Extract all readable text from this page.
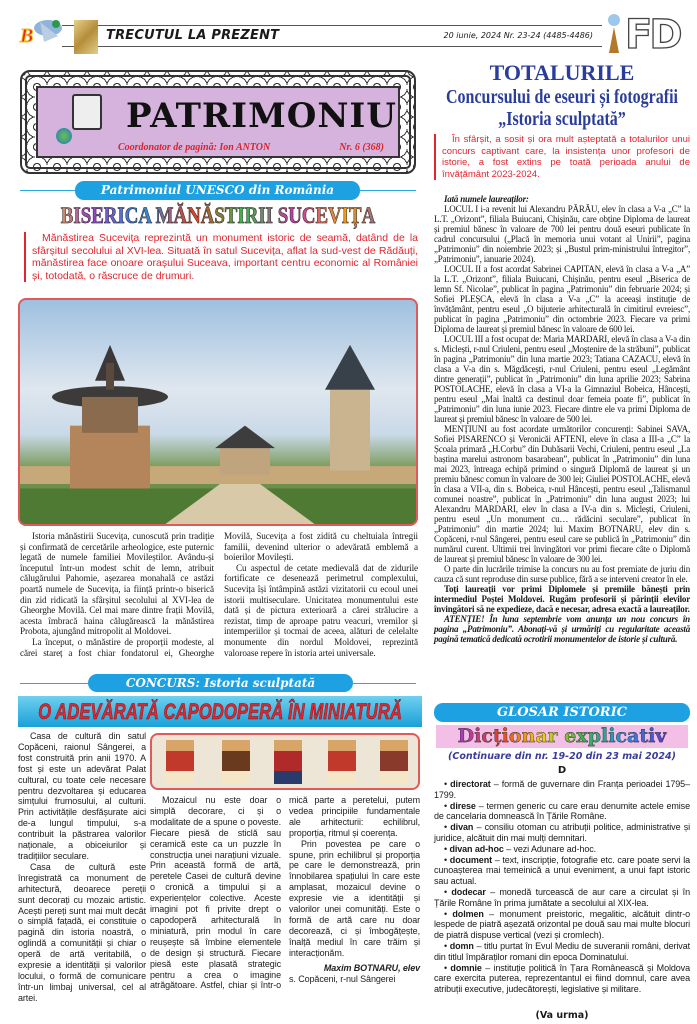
B	TRECUTUL LA PREZENT	20 iunie, 2024 Nr. 23-24 (4485-4486) FD
PATRIMONIU
Coordonator de pagină: Ion ANTON	Nr. 6 (368)
Patrimoniul UNESCO din România
BISERICA MĂNĂSTIRII SUCEVIȚA
Mănăstirea Sucevița reprezintă un monument istoric de seamă, datând de la sfârșitul secolului al XVI-lea. Situată în satul Sucevița, aflat la sud-vest de Rădăuți, mănăstirea face onoare orașului Suceava, important centru economic al României și, totodată, o răscruce de drumuri.

Istoria mănăstirii Sucevița, cunoscută prin tradiție și confirmată de cercetările arheologice, este puternic legată de numele familiei Movileștilor. Avându-și începutul într-un modest schit de lemn, atribuit călugărului Pahomie, așezarea monahală ce astăzi poartă numele de Sucevița, ia ființă printr-o biserică din zid ridicată la sfârșitul secolului al XVI-lea de Gheorghe Movilă. Cel mai mare dintre frații Movilă, acesta îmbracă haina călugărească la mănăstirea Probota, ajungând mitropolit al Moldovei.

La început, o mănăstire de proporții modeste, al cărei stareț a fost chiar fondatorul ei, Gheorghe Movilă, Sucevița a fost zidită cu cheltuiala întregii familii, devenind ulterior o adevărată emblemă a boierilor Movilești.

Cu aspectul de cetate medievală dat de zidurile fortificate ce desenează perimetrul complexului, Sucevița își întâmpină astăzi vizitatorii cu ecoul unei istorii multiseculare. Unicitatea monumentului este dată și de pictura exterioară a cărei strălucire a rezistat, timp de aproape patru veacuri, vremilor și intemperiilor și tocmai de aceea, alături de celelalte monumente din nordul Moldovei, reprezintă valoroase repere în istoria artei universale.

CONCURS: Istoria sculptată
O ADEVĂRATĂ CAPODOPERĂ ÎN MINIATURĂ

Casa de cultură din satul Copăceni, raionul Sângerei, a fost construită prin anii 1970. A fost și este un adevărat Palat cultural, cu toate cele necesare pentru dezvoltarea și educarea simțului frumosului, al culturii. Prin activitățile desfășurate aici de-a lungul timpului, s-a contribuit la păstrarea valorilor naționale, a obiceiurilor și tradițiilor seculare.

Casa de cultură este înregistrată ca monument de arhitectură, deoarece pereții sunt decorați cu mozaic artistic. Acești pereți sunt mai mult decât o simplă fațadă, ei constituie o pagină din istoria noastră, o oglindă a comunității și chiar o operă de artă veritabilă, o expresie a identității și valorilor locului, o formă de comunicare într-un limbaj universal, cel al artei.

Mozaicul nu este doar o simplă decorare, ci și o modalitate de a spune o poveste. Fiecare piesă de sticlă sau ceramică este ca un puzzle în construcția unei narațiuni vizuale. Prin această formă de artă, peretele Casei de cultură devine o cronică a timpului și a experiențelor colective. Aceste imagini pot fi privite drept o capodoperă arhitecturală în miniatură, prin modul în care reușește să îmbine elementele de design și structură. Fiecare piesă este plasată strategic pentru a crea o imagine atrăgătoare. Astfel, chiar și într-o mică parte a peretelui, putem vedea principiile fundamentale ale arhitecturii: echilibrul, proporția, ritmul și coerența.

Prin povestea pe care o spune, prin echilibrul și proporția pe care le demonstrează, prin înnobilarea spațiului în care este amplasat, mozaicul devine o expresie vie a identității și valorilor unei comunități. Este o formă de artă care nu doar decorează, ci și îmbogățește, înalță mediul în care trăim și interacționăm.

Maxim BOTNARU, elev

s. Copăceni, r-nul Sângerei

TOTALURILE
Concursului de eseuri și fotografii „Istoria sculptată”
În sfârșit, a sosit și ora mult așteptată a totalurilor unui concurs captivant care, la insistența unor profesori de istorie, a fost extins pe toată perioada anului de învățământ 2023-2024.

Iată numele laureaților:

LOCUL I i-a revenit lui Alexandru PĂRĂU, elev în clasa a V-a „C” la L.T. „Orizont”, filiala Buiucani, Chișinău, care obține Diploma de laureat și premiul bănesc în valoare de 700 lei pentru două eseuri publicate în cadrul concursului („Placă în memoria unui votant al Unirii”, pagina „Patrimoniu” din noiembrie 2023; și „Bustul prim-ministrului întregitor”, „Patrimoniu”, ianuarie 2024).

LOCUL II a fost acordat Sabrinei CAPITAN, elevă în clasa a V-a „A” la L.T. „Orizont”, filiala Buiucani, Chișinău, pentru eseul „Biserica de lemn Sf. Nicolae”, publicat în pagina „Patrimoniu” din februarie 2024; și Sofiei PLEȘCA, elevă în clasa a V-a „C” la aceeași instituție de învățământ, pentru eseul „O bijuterie arhitecturală în cimitirul evreiesc”, publicat în pagina „Patrimoniu” din octombrie 2023. Fiecare va primi Diploma de laureat și premiul bănesc în valoare de 600 lei.

LOCUL III a fost ocupat de: Maria MARDARI, elevă în clasa a V-a din s. Miclești, r-nul Criuleni, pentru eseul „Moștenire de la străbuni”, publicat în pagina „Patrimoniu” din luna martie 2023; Tatiana CAZACU, elevă în clasa a V-a din s. Măgdăcești, r-nul Criuleni, pentru eseul „Legământ dintre generații”, publicat în „Patrimoniu” din luna aprilie 2023; Sabrina POSTOLACHE, elevă în clasa a VI-a la Gimnaziul Bobeica, Hâncești, pentru eseul „Mai înaltă ca destinul doar femeia poate fi”, publicat în „Patrimoniu” din luna iunie 2023. Fiecare dintre ele va primi Diploma de laureat și premiul bănesc în valoare de 500 lei.

MENȚIUNI au fost acordate următorilor concurenți: Sabinei SAVA, Sofiei PISARENCO și Veronicăi AFTENI, eleve în clasa a III-a „C” la Școala primară „H.Corbu” din Dubăsarii Vechi, Criuleni, pentru eseul „La baștina marelui astronom basarabean”, publicat în „Patrimoniu” din luna mai 2023, întreaga echipă primind o singură Diplomă de laureat și un premiu bănesc comun în valoare de 300 lei; Giuliei POSTOLACHE, elevă în clasa a VII-a, din s. Bobeica, r-nul Hâncești, pentru eseul „Talismanul comunei noastre”, publicat în „Patrimoniu” din luna august 2023; lui Alexandru MARDARI, elev în clasa a IV-a din s. Miclești, Criuleni, pentru eseul „Un monument cu… rădăcini seculare”, publicat în „Patrimoniu” din martie 2024; lui Maxim BOTNARU, elev din s. Copăceni, r-nul Sângerei, pentru eseul care se publică în „Patrimoniu” din numărul curent. Ultimii trei învingători vor primi fiecare câte o Diplomă de laureat și premiul bănesc în valoare de 300 lei.

O parte din lucrările trimise la concurs nu au fost premiate de juriu din cauza că sunt reproduse din surse publice, fără a se interveni creator în ele.

Toți laureații vor primi Diplomele și premiile bănești prin intermediul Poștei Moldovei. Rugăm profesorii și părinții elevilor învingători să ne expedieze, dacă e necesar, adresa exactă a laureaților.

ATENȚIE! În luna septembrie vom anunța un nou concurs în pagina „Patrimoniu”. Abonați-vă și urmăriți cu regularitate această pagină tematică dedicată ocrotirii monumentelor de istorie și cultură.

GLOSAR ISTORIC
Dicționar explicativ
(Continuare din nr. 19-20 din 23 mai 2024)
D

• directorat – formă de guvernare din Franța perioadei 1795–1799.

• direse – termen generic cu care erau denumite actele emise de cancelaria domnească în Țările Române.

• divan – consiliu otoman cu atribuții politice, administrative și juridice, alcătuit din mai mulți demnitari.

• divan ad-hoc – vezi Adunare ad-hoc.

• document – text, inscripție, fotografie etc. care poate servi la cunoașterea mai temeinică a unui eveniment, a unui fapt istoric sau actual.

• dodecar – monedă turcească de aur care a circulat și în Țările Române în prima jumătate a secolului al XIX-lea.

• dolmen – monument preistoric, megalitic, alcătuit dintr-o lespede de piatră așezată orizontal pe două sau mai multe blocuri de piatră dispuse vertical (vezi și cromlech).

• domn – titlu purtat în Evul Mediu de suveranii români, derivat din titlul împăraților romani din epoca Dominatului.

• domnie – instituție politică în Țara Românească și Moldova care exercita puterea, reprezentantul ei fiind domnul, care avea atribuții executive, judecătorești, legislative și militare.

(Va urma)
